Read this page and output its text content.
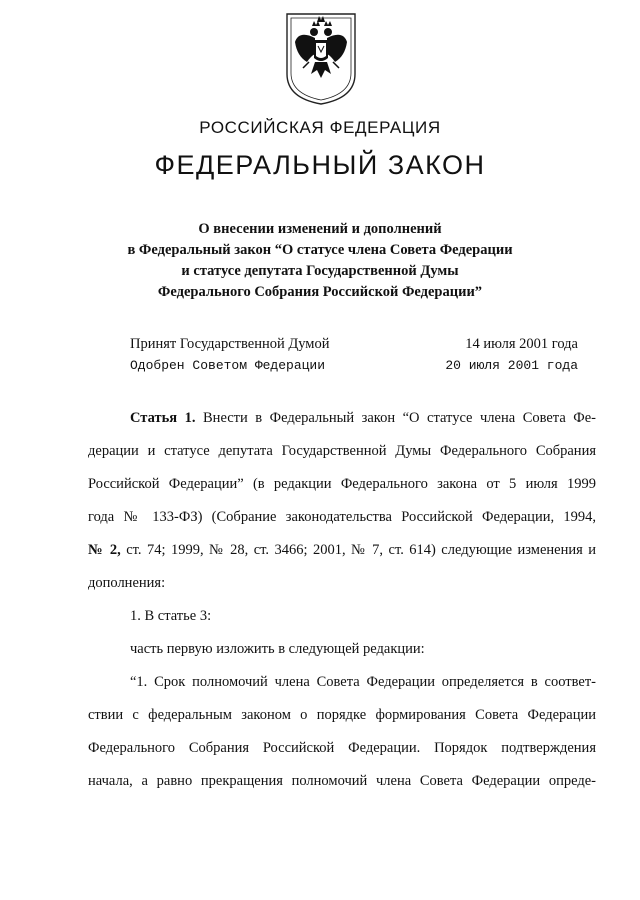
РОССИЙСКАЯ ФЕДЕРАЦИЯ
ФЕДЕРАЛЬНЫЙ ЗАКОН
О внесении изменений и дополнений
в Федеральный закон “О статусе члена Совета Федерации
и статусе депутата Государственной Думы
Федерального Собрания Российской Федерации”
Принят Государственной Думой	14 июля 2001 года
Одобрен Советом Федерации	20 июля 2001 года

Статья 1. Внести в Федеральный закон “О статусе члена Совета Фе-

дерации и статусе депутата Государственной Думы Федерального Собрания

Российской Федерации” (в редакции Федерального закона от 5 июля 1999

года № 133-ФЗ) (Собрание законодательства Российской Федерации, 1994,

№ 2, ст. 74; 1999, № 28, ст. 3466; 2001, № 7, ст. 614) следующие изменения и

дополнения:

1. В статье 3:

часть первую изложить в следующей редакции:

“1. Срок полномочий члена Совета Федерации определяется в соответ-

ствии с федеральным законом о порядке формирования Совета Федерации

Федерального Собрания Российской Федерации. Порядок подтверждения

начала, а равно прекращения полномочий члена Совета Федерации опреде-
